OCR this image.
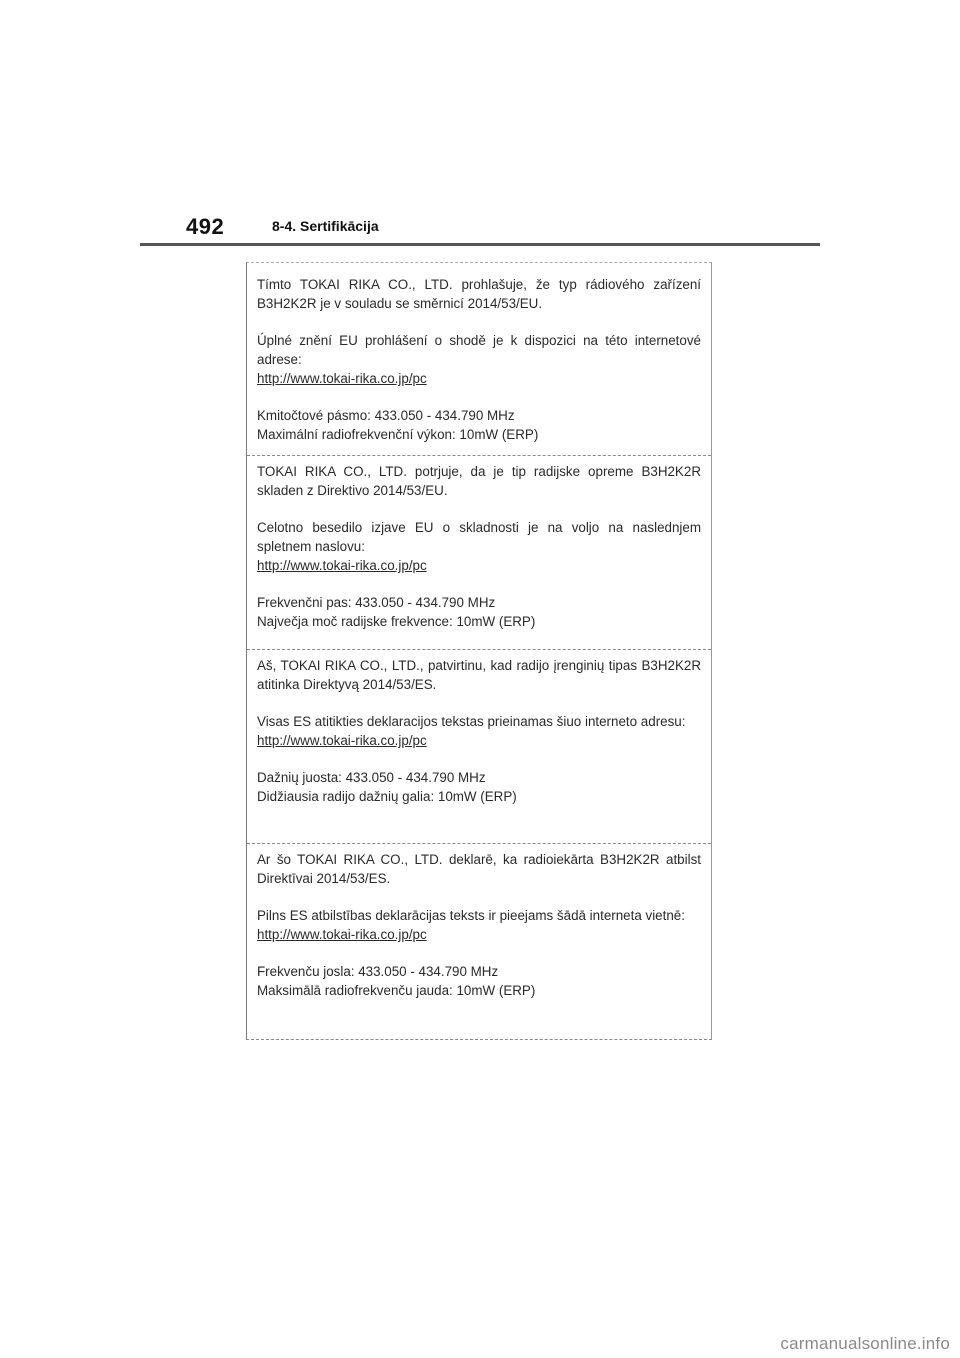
492	8-4. Sertifikācija

Tímto TOKAI RIKA CO., LTD. prohlašuje, že typ rádiového zařízení B3H2K2R je v souladu se směrnicí 2014/53/EU.

Úplné znění EU prohlášení o shodě je k dispozici na této internetové adrese:

http://www.tokai-rika.co.jp/pc

Kmitočtové pásmo: 433.050 - 434.790 MHz

Maximální radiofrekvenční výkon: 10mW (ERP)

TOKAI RIKA CO., LTD. potrjuje, da je tip radijske opreme B3H2K2R skladen z Direktivo 2014/53/EU.

Celotno besedilo izjave EU o skladnosti je na voljo na naslednjem spletnem naslovu:

http://www.tokai-rika.co.jp/pc

Frekvenčni pas: 433.050 - 434.790 MHz

Največja moč radijske frekvence: 10mW (ERP)

Aš, TOKAI RIKA CO., LTD., patvirtinu, kad radijo įrenginių tipas B3H2K2R atitinka Direktyvą 2014/53/ES.

Visas ES atitikties deklaracijos tekstas prieinamas šiuo interneto adresu:

http://www.tokai-rika.co.jp/pc

Dažnių juosta: 433.050 - 434.790 MHz

Didžiausia radijo dažnių galia: 10mW (ERP)

Ar šo TOKAI RIKA CO., LTD. deklarē, ka radioiekārta B3H2K2R atbilst Direktīvai 2014/53/ES.

Pilns ES atbilstības deklarācijas teksts ir pieejams šādā interneta vietnē:

http://www.tokai-rika.co.jp/pc

Frekvenču josla: 433.050 - 434.790 MHz

Maksimālā radiofrekvenču jauda: 10mW (ERP)

carmanualsonline.info
